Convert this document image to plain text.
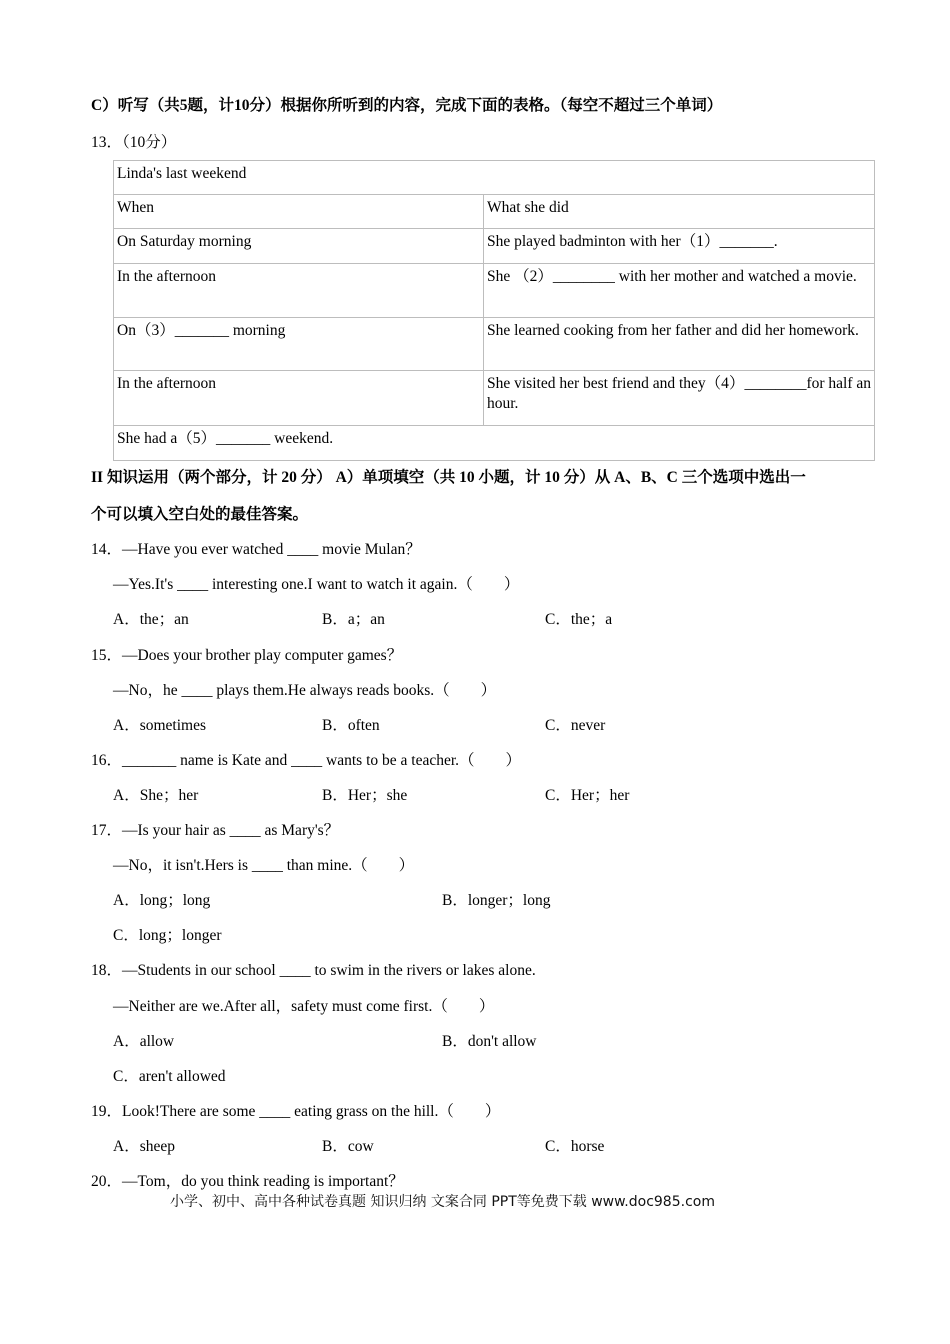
C）听写（共5题，计10分）根据你所听到的内容，完成下面的表格。（每空不超过三个单词）
13．（10分）
Linda's last weekend	
When	What she did
On Saturday morning	She played badminton with her（1）_______.
In the afternoon	She （2）________ with her mother and watched a movie.
On（3）_______ morning	She learned cooking from her father and did her homework.
In the afternoon	She visited her best friend and they（4）________for half an hour.
She had a（5）_______ weekend.	
II 知识运用（两个部分，计 20 分） A）单项填空（共 10 小题，计 10 分）从 A、B、C 三个选项中选出一
个可以填入空白处的最佳答案。
14．—Have you ever watched ____ movie Mulan？
—Yes.It's ____ interesting one.I want to watch it again.（　　）
A．the；an	B．a；an	C．the；a
15．—Does your brother play computer games？
—No，he ____ plays them.He always reads books.（　　）
A．sometimes	B．often	C．never
16．_______ name is Kate and ____ wants to be a teacher.（　　）
A．She；her	B．Her；she	C．Her；her
17．—Is your hair as ____ as Mary's？
—No，it isn't.Hers is ____ than mine.（　　）
A．long；long	B．longer；long
C．long；longer
18．—Students in our school ____ to swim in the rivers or lakes alone.
—Neither are we.After all，safety must come first.（　　）
A．allow	B．don't allow
C．aren't allowed
19．Look!There are some ____ eating grass on the hill.（　　）
A．sheep	B．cow	C．horse
20．—Tom，do you think reading is important？
小学、初中、高中各种试卷真题 知识归纳 文案合同 PPT等免费下载 www.doc985.com
